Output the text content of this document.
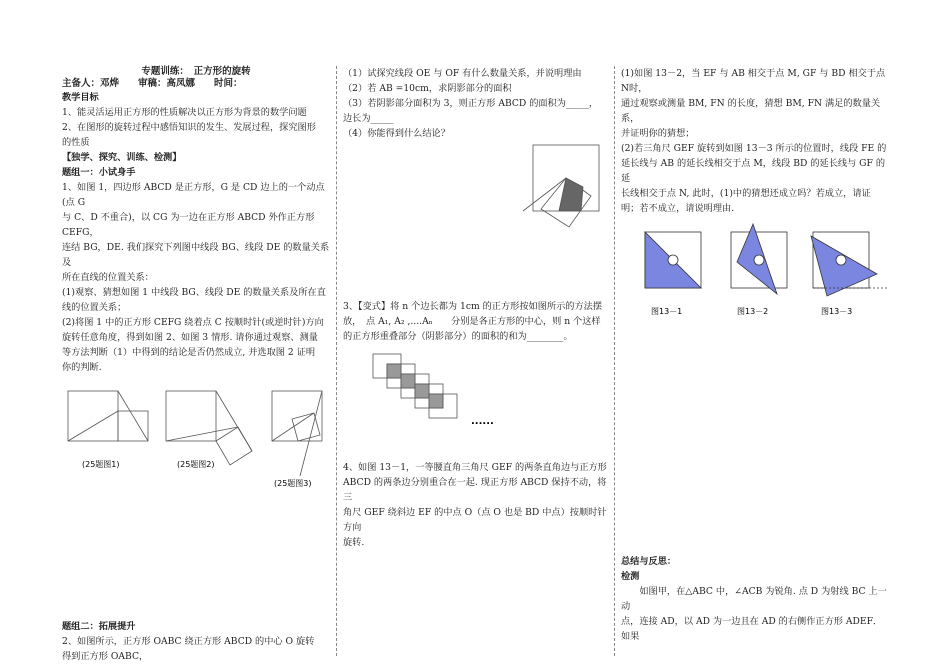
专题训练：　正方形的旋转

主备人：邓烨　　审稿：高凤娜　　时间：

教学目标

1、能灵活运用正方形的性质解决以正方形为背景的数学问题

2、在图形的旋转过程中感悟知识的发生、发展过程，探究图形

的性质

【独学、探究、训练、检测】

题组一：小试身手

1、如图 1，四边形 ABCD 是正方形，G 是 CD 边上的一个动点(点 G

与 C、D 不重合)，以 CG 为一边在正方形 ABCD 外作正方形 CEFG，

连结 BG，DE. 我们探究下列图中线段 BG、线段 DE 的数量关系及

所在直线的位置关系：

(1)观察、猜想如图 1 中线段 BG、线段 DE 的数量关系及所在直

线的位置关系；

(2)将图 1 中的正方形 CEFG 绕着点 C 按顺时针(或逆时针)方向

旋转任意角度，得到如图 2、如图 3 情形. 请你通过观察、测量

等方法判断（1）中得到的结论是否仍然成立, 并选取图 2 证明

你的判断.

(25题图1)	(25题图2)
(25题图3)

题组二：拓展提升

2、如图所示，正方形 OABC 绕正方形 ABCD 的中心 O 旋转

得到正方形 OABC，

（1）试探究线段 OE 与 OF 有什么数量关系，并说明理由

（2）若 AB =10cm，求阴影部分的面积

（3）若阴影部分面积为 3，则正方形 ABCD 的面积为_____，

边长为_____

（4）你能得到什么结论？

3、【变式】将 n 个边长都为 1cm 的正方形按如图所示的方法摆

放，　点 A₁, A₂ ,....Aₙ　　分别是各正方形的中心，则 n 个这样

的正方形重叠部分（阴影部分）的面积的和为________。

......

4、如图 13－1，一等腰直角三角尺 GEF 的两条直角边与正方形

ABCD 的两条边分别重合在一起. 现正方形 ABCD 保持不动，将三

角尺 GEF 绕斜边 EF 的中点 O（点 O 也是 BD 中点）按顺时针方向

旋转.

(1)如图 13－2，当 EF 与 AB 相交于点 M, GF 与 BD 相交于点 N时，

通过观察或测量 BM, FN 的长度，猜想 BM, FN 满足的数量关系，

并证明你的猜想；

(2)若三角尺 GEF 旋转到如图 13－3 所示的位置时，线段 FE 的

延长线与 AB 的延长线相交于点 M，线段 BD 的延长线与 GF 的延

长线相交于点 N, 此时，(1)中的猜想还成立吗？若成立，请证

明；若不成立，请说明理由.

图13－1	图13－2	图13－3

总结与反思：

检测

　　如图甲，在△ABC 中，∠ACB 为锐角. 点 D 为射线 BC 上一动

点，连接 AD，以 AD 为一边且在 AD 的右侧作正方形 ADEF．如果
